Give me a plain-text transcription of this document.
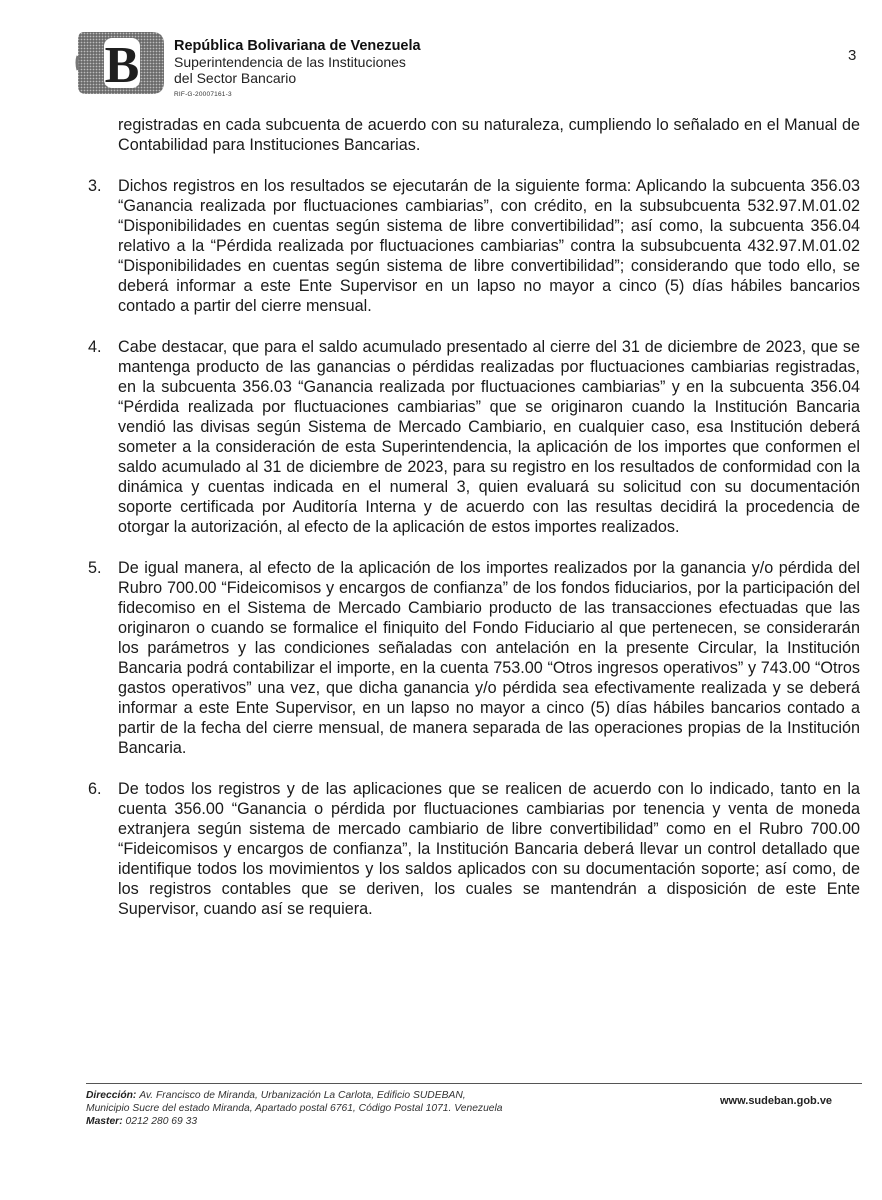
B República Bolivariana de Venezuela
Superintendencia de las Instituciones
del Sector Bancario
RIF-G-20007161-3
3

registradas en cada subcuenta de acuerdo con su naturaleza, cumpliendo lo señalado en el Manual de Contabilidad para Instituciones Bancarias.

3.	Dichos registros en los resultados se ejecutarán de la siguiente forma: Aplicando la subcuenta 356.03 “Ganancia realizada por fluctuaciones cambiarias”, con crédito, en la subsubcuenta 532.97.M.01.02 “Disponibilidades en cuentas según sistema de libre convertibilidad”; así como, la subcuenta 356.04 relativo a la “Pérdida realizada por fluctuaciones cambiarias” contra la subsubcuenta 432.97.M.01.02 “Disponibilidades en cuentas según sistema de libre convertibilidad”; considerando que todo ello, se deberá informar a este Ente Supervisor en un lapso no mayor a cinco (5) días hábiles bancarios contado a partir del cierre mensual.

4.	Cabe destacar, que para el saldo acumulado presentado al cierre del 31 de diciembre de 2023, que se mantenga producto de las ganancias o pérdidas realizadas por fluctuaciones cambiarias registradas, en la subcuenta 356.03 “Ganancia realizada por fluctuaciones cambiarias” y en la subcuenta 356.04 “Pérdida realizada por fluctuaciones cambiarias” que se originaron cuando la Institución Bancaria vendió las divisas según Sistema de Mercado Cambiario, en cualquier caso, esa Institución deberá someter a la consideración de esta Superintendencia, la aplicación de los importes que conformen el saldo acumulado al 31 de diciembre de 2023, para su registro en los resultados de conformidad con la dinámica y cuentas indicada en el numeral 3, quien evaluará su solicitud con su documentación soporte certificada por Auditoría Interna y de acuerdo con las resultas decidirá la procedencia de otorgar la autorización, al efecto de la aplicación de estos importes realizados.

5.	De igual manera, al efecto de la aplicación de los importes realizados por la ganancia y/o pérdida del Rubro 700.00 “Fideicomisos y encargos de confianza” de los fondos fiduciarios, por la participación del fidecomiso en el Sistema de Mercado Cambiario producto de las transacciones efectuadas que las originaron o cuando se formalice el finiquito del Fondo Fiduciario al que pertenecen, se considerarán los parámetros y las condiciones señaladas con antelación en la presente Circular, la Institución Bancaria podrá contabilizar el importe, en la cuenta 753.00 “Otros ingresos operativos” y 743.00 “Otros gastos operativos” una vez, que dicha ganancia y/o pérdida sea efectivamente realizada y se deberá informar a este Ente Supervisor, en un lapso no mayor a cinco (5) días hábiles bancarios contado a partir de la fecha del cierre mensual, de manera separada de las operaciones propias de la Institución Bancaria.

6.	De todos los registros y de las aplicaciones que se realicen de acuerdo con lo indicado, tanto en la cuenta 356.00 “Ganancia o pérdida por fluctuaciones cambiarias por tenencia y venta de moneda extranjera según sistema de mercado cambiario de libre convertibilidad” como en el Rubro 700.00 “Fideicomisos y encargos de confianza”, la Institución Bancaria deberá llevar un control detallado que identifique todos los movimientos y los saldos aplicados con su documentación soporte; así como, de los registros contables que se deriven, los cuales se mantendrán a disposición de este Ente Supervisor, cuando así se requiera.

Dirección: Av. Francisco de Miranda, Urbanización La Carlota, Edificio SUDEBAN,
Municipio Sucre del estado Miranda, Apartado postal 6761, Código Postal 1071. Venezuela
Master: 0212 280 69 33
www.sudeban.gob.ve
